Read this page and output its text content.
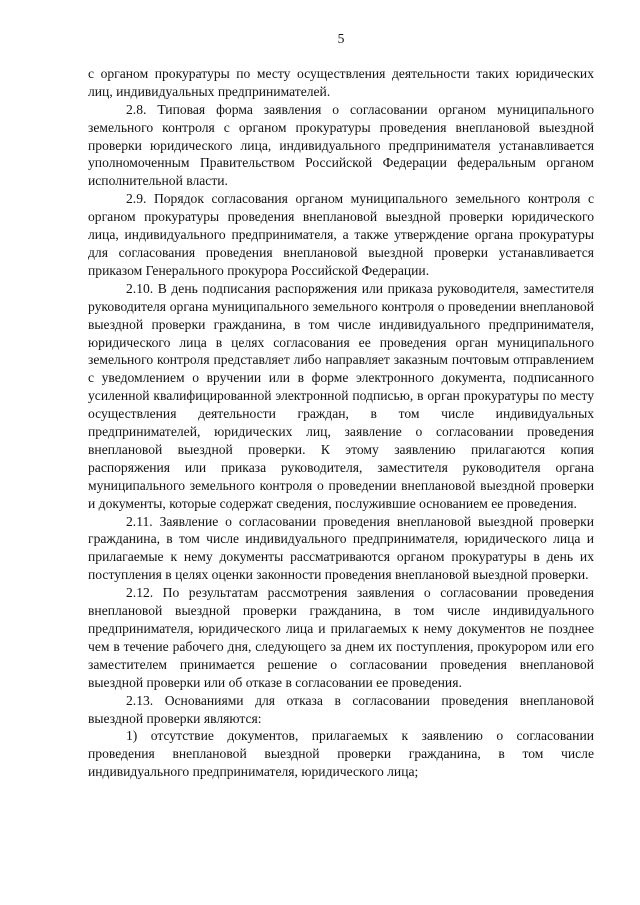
5

с органом прокуратуры по месту осуществления деятельности таких юридических лиц, индивидуальных предпринимателей.

2.8. Типовая форма заявления о согласовании органом муниципального земельного контроля с органом прокуратуры проведения внеплановой выездной проверки юридического лица, индивидуального предпринимателя устанавливается уполномоченным Правительством Российской Федерации федеральным органом исполнительной власти.

2.9. Порядок согласования органом муниципального земельного контроля с органом прокуратуры проведения внеплановой выездной проверки юридического лица, индивидуального предпринимателя, а также утверждение органа прокуратуры для согласования проведения внеплановой выездной проверки устанавливается приказом Генерального прокурора Российской Федерации.

2.10. В день подписания распоряжения или приказа руководителя, заместителя руководителя органа муниципального земельного контроля о проведении внеплановой выездной проверки гражданина, в том числе индивидуального предпринимателя, юридического лица в целях согласования ее проведения орган муниципального земельного контроля представляет либо направляет заказным почтовым отправлением с уведомлением о вручении или в форме электронного документа, подписанного усиленной квалифицированной электронной подписью, в орган прокуратуры по месту осуществления деятельности граждан, в том числе индивидуальных предпринимателей, юридических лиц, заявление о согласовании проведения внеплановой выездной проверки. К этому заявлению прилагаются копия распоряжения или приказа руководителя, заместителя руководителя органа муниципального земельного контроля о проведении внеплановой выездной проверки и документы, которые содержат сведения, послужившие основанием ее проведения.

2.11. Заявление о согласовании проведения внеплановой выездной проверки гражданина, в том числе индивидуального предпринимателя, юридического лица и прилагаемые к нему документы рассматриваются органом прокуратуры в день их поступления в целях оценки законности проведения внеплановой выездной проверки.

2.12. По результатам рассмотрения заявления о согласовании проведения внеплановой выездной проверки гражданина, в том числе индивидуального предпринимателя, юридического лица и прилагаемых к нему документов не позднее чем в течение рабочего дня, следующего за днем их поступления, прокурором или его заместителем принимается решение о согласовании проведения внеплановой выездной проверки или об отказе в согласовании ее проведения.

2.13. Основаниями для отказа в согласовании проведения внеплановой выездной проверки являются:

1) отсутствие документов, прилагаемых к заявлению о согласовании проведения внеплановой выездной проверки гражданина, в том числе индивидуального предпринимателя, юридического лица;
